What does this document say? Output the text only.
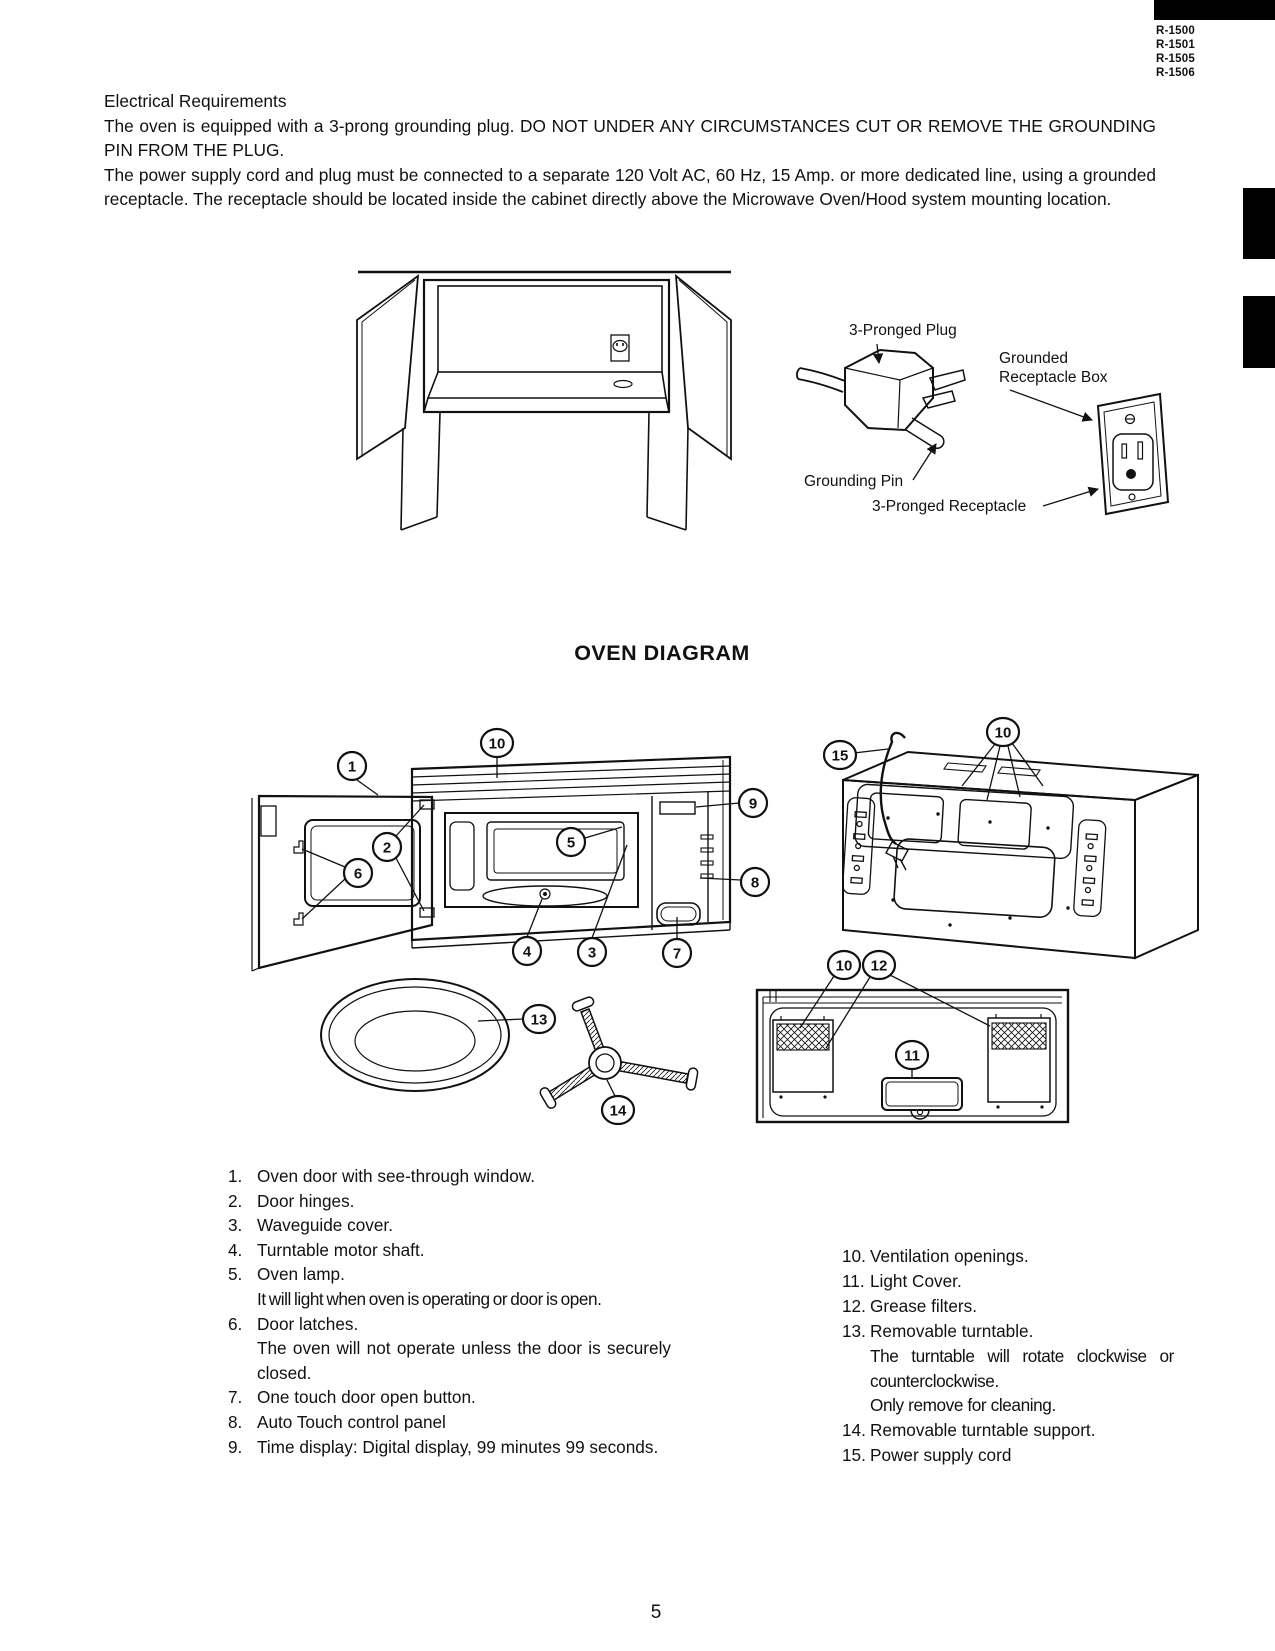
1
10
2
6
5
9
8
4	3	7
15
10
10 12
11
13
14
R-1500
R-1501
R-1505
R-1506

Electrical Requirements

The oven is equipped with a 3-prong grounding plug. DO NOT UNDER ANY CIRCUMSTANCES CUT OR REMOVE THE GROUNDING PIN FROM THE PLUG.

The power supply cord and plug must be connected to a separate 120 Volt AC, 60 Hz, 15 Amp. or more dedicated line, using a grounded receptacle. The receptacle should be located inside the cabinet directly above the Microwave Oven/Hood system mounting location.

3-Pronged Plug
Grounded
Receptacle Box
Grounding Pin
3-Pronged Receptacle
OVEN DIAGRAM
1. Oven door with see-through window.
2. Door hinges.
3. Waveguide cover.
4. Turntable motor shaft.
5. Oven lamp.
It will light when oven is operating or door is open.
6. Door latches.
The oven will not operate unless the door is securely closed.
7. One touch door open button.
8. Auto Touch control panel
9. Time display: Digital display, 99 minutes 99 seconds.
10. Ventilation openings.
11. Light Cover.
12. Grease filters.
13. Removable turntable.
The turntable will rotate clockwise or counterclockwise.
Only remove for cleaning.
14. Removable turntable support.
15. Power supply cord
5
